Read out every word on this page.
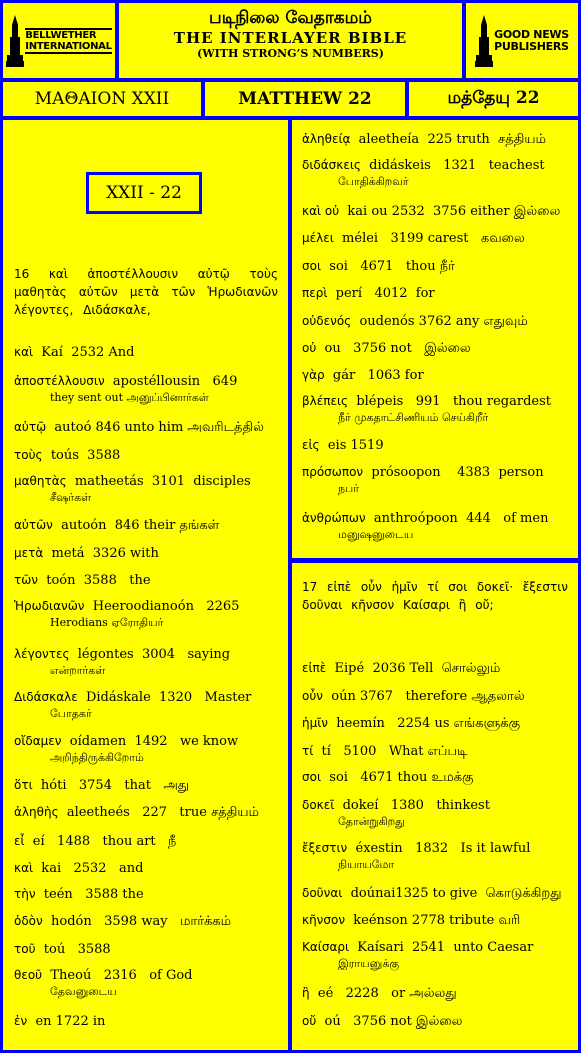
BELLWETHER
INTERNATIONAL
படிநிலை வேதாகமம்
THE INTERLAYER BIBLE
(WITH STRONG’S NUMBERS)
GOOD NEWS
PUBLISHERS
ΜΑΘΑΙΟΝ XXII	MATTHEW 22	மத்தேயு 22
XXII - 22
16 καὶ ἀποστέλλουσιν αὐτῷ τοὺς μαθητὰς αὐτῶν μετὰ τῶν Ἡρωδιανῶν λέγοντες, Διδάσκαλε,
καὶ  Kaí  2532 And
ἀποστέλλουσιν  apostéllousin   649
they sent out அனுப்பினார்கள்
αὐτῷ  autoó 846 unto him அவரிடத்தில்
τοὺς  toús  3588
μαθητὰς  matheetás  3101  disciples
சீஷர்கள்
αὐτῶν  autoón  846 their தங்கள்
μετὰ  metá  3326 with
τῶν  toón  3588   the
Ἡρωδιανῶν  Heeroodianoón   2265
Herodians ஏரோதியர்
λέγοντες  légontes  3004   saying
என்றார்கள்
Διδάσκαλε  Didáskale  1320   Master
போதகர்
οἴδαμεν  oídamen  1492   we know
அறிந்திருக்கிறோம்
ὅτι  hóti   3754   that   அது
ἀληθὴς  aleetheés   227   true சத்தியம்
εἶ  eí   1488   thou art   நீ
καὶ  kai   2532   and
τὴν  teén   3588 the
ὁδὸν  hodón   3598 way   மார்க்கம்
τοῦ  toú   3588
θεοῦ  Theoú   2316   of God
தேவனுடைய
ἐν  en 1722 in
ἀληθείᾳ  aleetheía  225 truth  சத்தியம்
διδάσκεις  didáskeis   1321   teachest
போதிக்கிறவர்
καὶ οὐ  kai ou 2532  3756 either இல்லை
μέλει  mélei   3199 carest   கவலை
σοι  soi   4671   thou நீர்
περὶ  perí   4012  for
οὐδενός  oudenós 3762 any எதுவும்
οὐ  ou   3756 not   இல்லை
γὰρ  gár   1063 for
βλέπεις  blépeis   991   thou regardest
நீர் முகதாட்சிணியம் செய்கிறீர்
εἰς  eis 1519
πρόσωπον  prósoopon    4383  person
நபர்
ἀνθρώπων  anthroópoon  444   of men
மனுஷனுடைய
17 εἰπὲ οὖν ἡμῖν τί σοι δοκεῖ· ἔξεστιν δοῦναι κῆνσον Καίσαρι ἢ οὔ;
εἰπὲ  Eipé  2036 Tell  சொல்லும்
οὖν  oún 3767   therefore ஆதலால்
ἡμῖν  heemín   2254 us எங்களுக்கு
τί  tí   5100   What எப்படி
σοι  soi   4671 thou உமக்கு
δοκεῖ  dokeí   1380   thinkest
தோன்றுகிறது
ἔξεστιν  éxestin   1832   Is it lawful
நியாயமோ
δοῦναι  doúnai1325 to give  கொடுக்கிறது
κῆνσον  keénson 2778 tribute வரி
Καίσαρι  Kaísari  2541  unto Caesar
இராயனுக்கு
ἢ  eé   2228   or அல்லது
οὔ  oú   3756 not இல்லை
